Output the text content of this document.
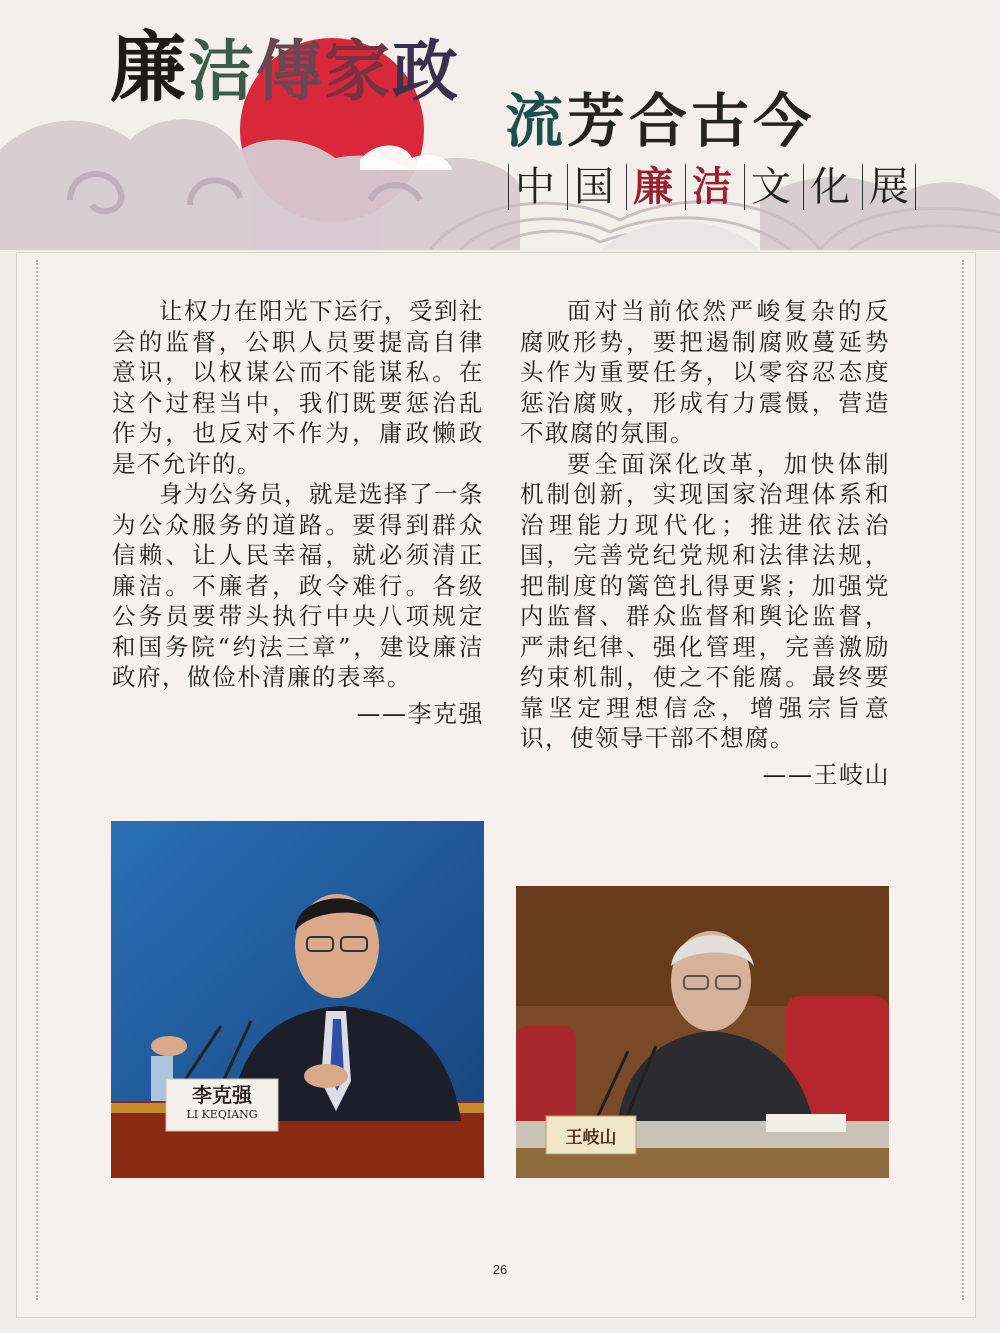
廉洁傳家政
流芳合古今
中 国 廉 洁 文 化 展

让权力在阳光下运行，受到社会的监督，公职人员要提高自律意识，以权谋公而不能谋私。在这个过程当中，我们既要惩治乱作为，也反对不作为，庸政懒政是不允许的。

身为公务员，就是选择了一条为公众服务的道路。要得到群众信赖、让人民幸福，就必须清正廉洁。不廉者，政令难行。各级公务员要带头执行中央八项规定和国务院“约法三章”，建设廉洁政府，做俭朴清廉的表率。

——李克强

面对当前依然严峻复杂的反腐败形势，要把遏制腐败蔓延势头作为重要任务，以零容忍态度惩治腐败，形成有力震慑，营造不敢腐的氛围。

要全面深化改革，加快体制机制创新，实现国家治理体系和治理能力现代化；推进依法治国，完善党纪党规和法律法规，把制度的篱笆扎得更紧；加强党内监督、群众监督和舆论监督，严肃纪律、强化管理，完善激励约束机制，使之不能腐。最终要靠坚定理想信念，增强宗旨意识，使领导干部不想腐。

——王岐山
李克强
LI KEQIANG
王岐山
26
